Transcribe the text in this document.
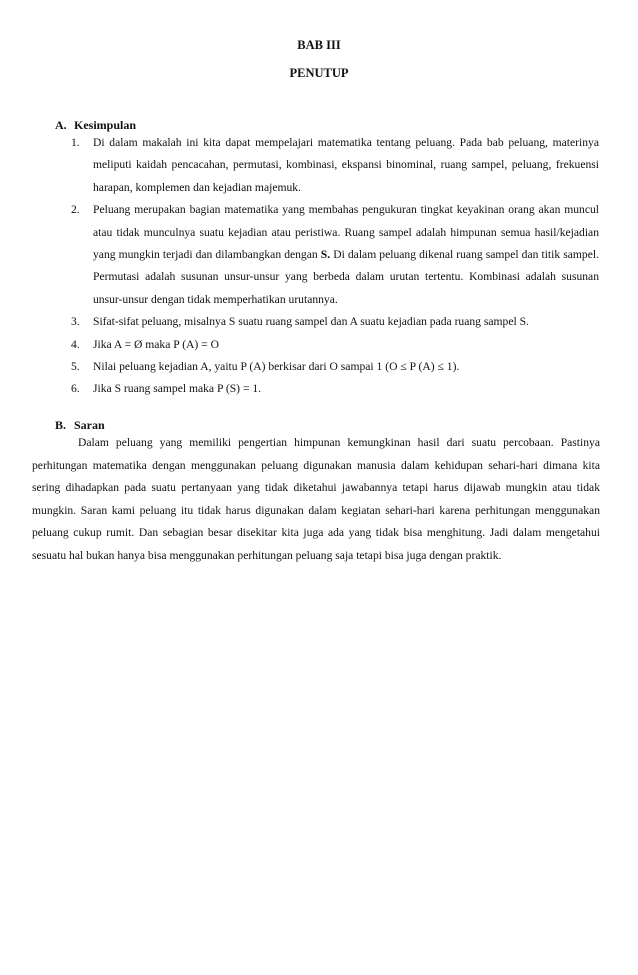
BAB III
PENUTUP
A. Kesimpulan
1. Di dalam makalah ini kita dapat mempelajari matematika tentang peluang. Pada bab peluang, materinya meliputi kaidah pencacahan, permutasi, kombinasi, ekspansi binominal, ruang sampel, peluang, frekuensi harapan, komplemen dan kejadian majemuk.
2. Peluang merupakan bagian matematika yang membahas pengukuran tingkat keyakinan orang akan muncul atau tidak munculnya suatu kejadian atau peristiwa. Ruang sampel adalah himpunan semua hasil/kejadian yang mungkin terjadi dan dilambangkan dengan S. Di dalam peluang dikenal ruang sampel dan titik sampel. Permutasi adalah susunan unsur-unsur yang berbeda dalam urutan tertentu. Kombinasi adalah susunan unsur-unsur dengan tidak memperhatikan urutannya.
3. Sifat-sifat peluang, misalnya S suatu ruang sampel dan A suatu kejadian pada ruang sampel S.
4. Jika A = Ø maka P (A) = O
5. Nilai peluang kejadian A, yaitu P (A) berkisar dari O sampai 1 (O ≤ P (A) ≤ 1).
6. Jika S ruang sampel maka P (S) = 1.
B. Saran

Dalam peluang yang memiliki pengertian himpunan kemungkinan hasil dari suatu percobaan. Pastinya perhitungan matematika dengan menggunakan peluang digunakan manusia dalam kehidupan sehari-hari dimana kita sering dihadapkan pada suatu pertanyaan yang tidak diketahui jawabannya tetapi harus dijawab mungkin atau tidak mungkin. Saran kami peluang itu tidak harus digunakan dalam kegiatan sehari-hari karena perhitungan menggunakan peluang cukup rumit. Dan sebagian besar disekitar kita juga ada yang tidak bisa menghitung. Jadi dalam mengetahui sesuatu hal bukan hanya bisa menggunakan perhitungan peluang saja tetapi bisa juga dengan praktik.
